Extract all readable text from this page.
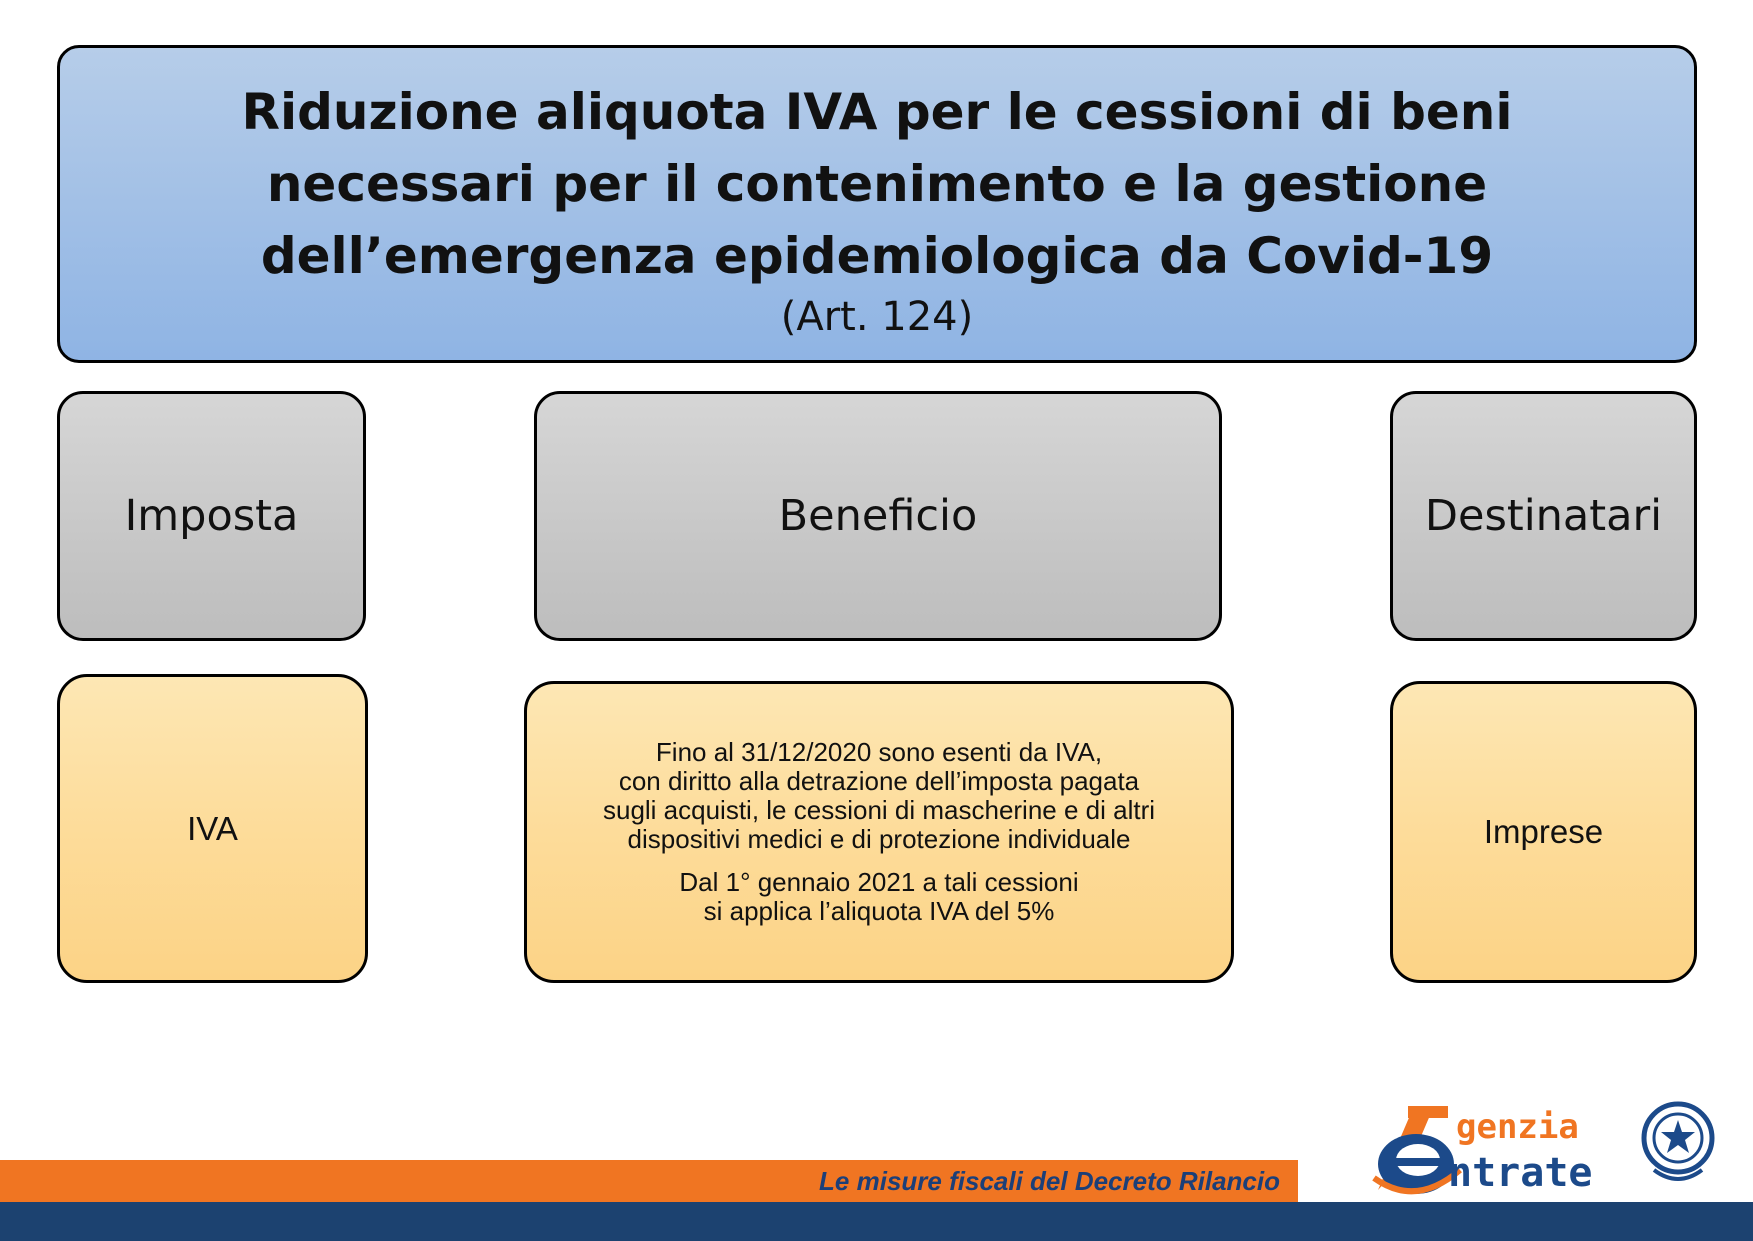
Riduzione aliquota IVA per le cessioni di beni
necessari per il contenimento e la gestione
dell’emergenza epidemiologica da Covid-19
(Art. 124)
Imposta	Beneficio	Destinatari
IVA

Fino al 31/12/2020 sono esenti da IVA,
con diritto alla detrazione dell’imposta pagata
sugli acquisti, le cessioni di mascherine e di altri
dispositivi medici e di protezione individuale

Dal 1° gennaio 2021 a tali cessioni
si applica l’aliquota IVA del 5%

Imprese
Le misure fiscali del Decreto Rilancio
genzia
ntrate
